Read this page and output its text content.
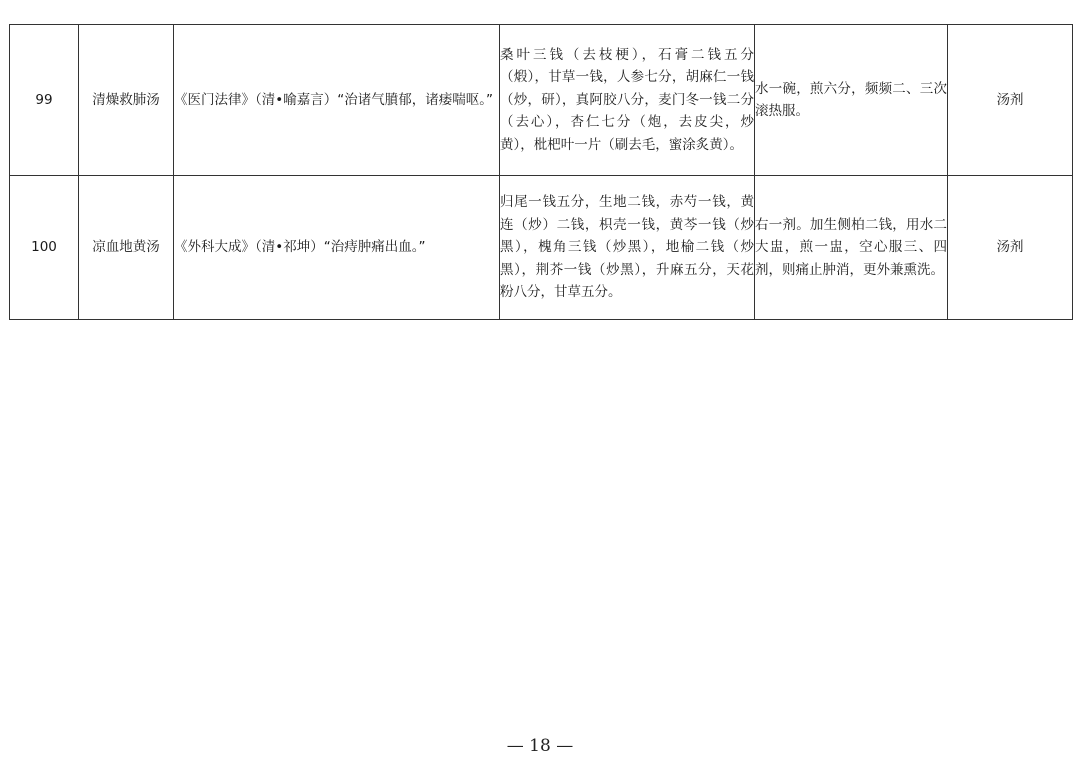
99	清燥救肺汤	《医门法律》（清•喻嘉言）“治诸气膹郁，诸痿喘呕。”	桑叶三钱（去枝梗），石膏二钱五分（煅），甘草一钱，人参七分，胡麻仁一钱（炒，研），真阿胶八分，麦门冬一钱二分（去心），杏仁七分（炮，去皮尖，炒黄），枇杷叶一片（刷去毛，蜜涂炙黄）。	水一碗，煎六分，频频二、三次滚热服。	汤剂
100	凉血地黄汤	《外科大成》（清•祁坤）“治痔肿痛出血。”	归尾一钱五分，生地二钱，赤芍一钱，黄连（炒）二钱，枳壳一钱，黄芩一钱（炒黑），槐角三钱（炒黑），地榆二钱（炒黑），荆芥一钱（炒黑），升麻五分，天花粉八分，甘草五分。	右一剂。加生侧柏二钱，用水二大盅，煎一盅，空心服三、四剂，则痛止肿消，更外兼熏洗。	汤剂
— 18 —
